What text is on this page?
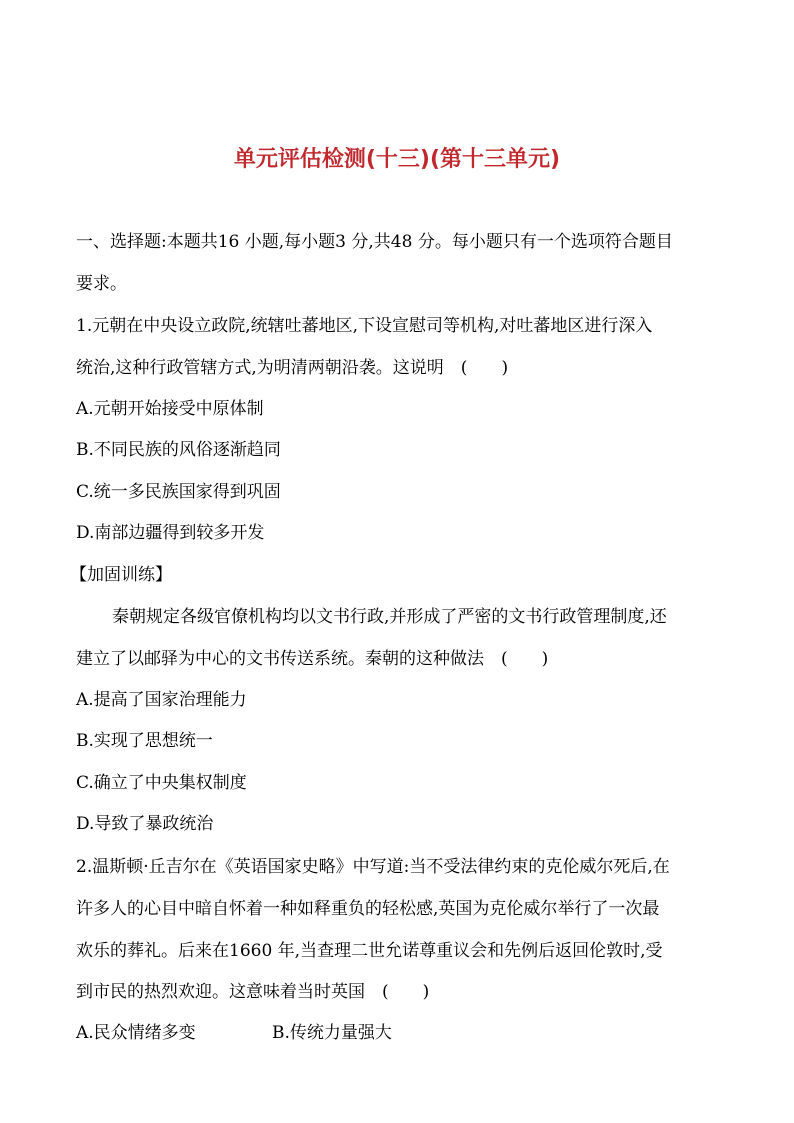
单元评估检测(十三)(第十三单元)
一、选择题:本题共16 小题,每小题3 分,共48 分。每小题只有一个选项符合题目
要求。
1.元朝在中央设立政院,统辖吐蕃地区,下设宣慰司等机构,对吐蕃地区进行深入
统治,这种行政管辖方式,为明清两朝沿袭。这说明　(　　)
A.元朝开始接受中原体制
B.不同民族的风俗逐渐趋同
C.统一多民族国家得到巩固
D.南部边疆得到较多开发
【加固训练】
秦朝规定各级官僚机构均以文书行政,并形成了严密的文书行政管理制度,还
建立了以邮驿为中心的文书传送系统。秦朝的这种做法　(　　)
A.提高了国家治理能力
B.实现了思想统一
C.确立了中央集权制度
D.导致了暴政统治
2.温斯顿·丘吉尔在《英语国家史略》中写道:当不受法律约束的克伦威尔死后,在
许多人的心目中暗自怀着一种如释重负的轻松感,英国为克伦威尔举行了一次最
欢乐的葬礼。后来在1660 年,当查理二世允诺尊重议会和先例后返回伦敦时,受
到市民的热烈欢迎。这意味着当时英国　(　　)
A.民众情绪多变	B.传统力量强大
